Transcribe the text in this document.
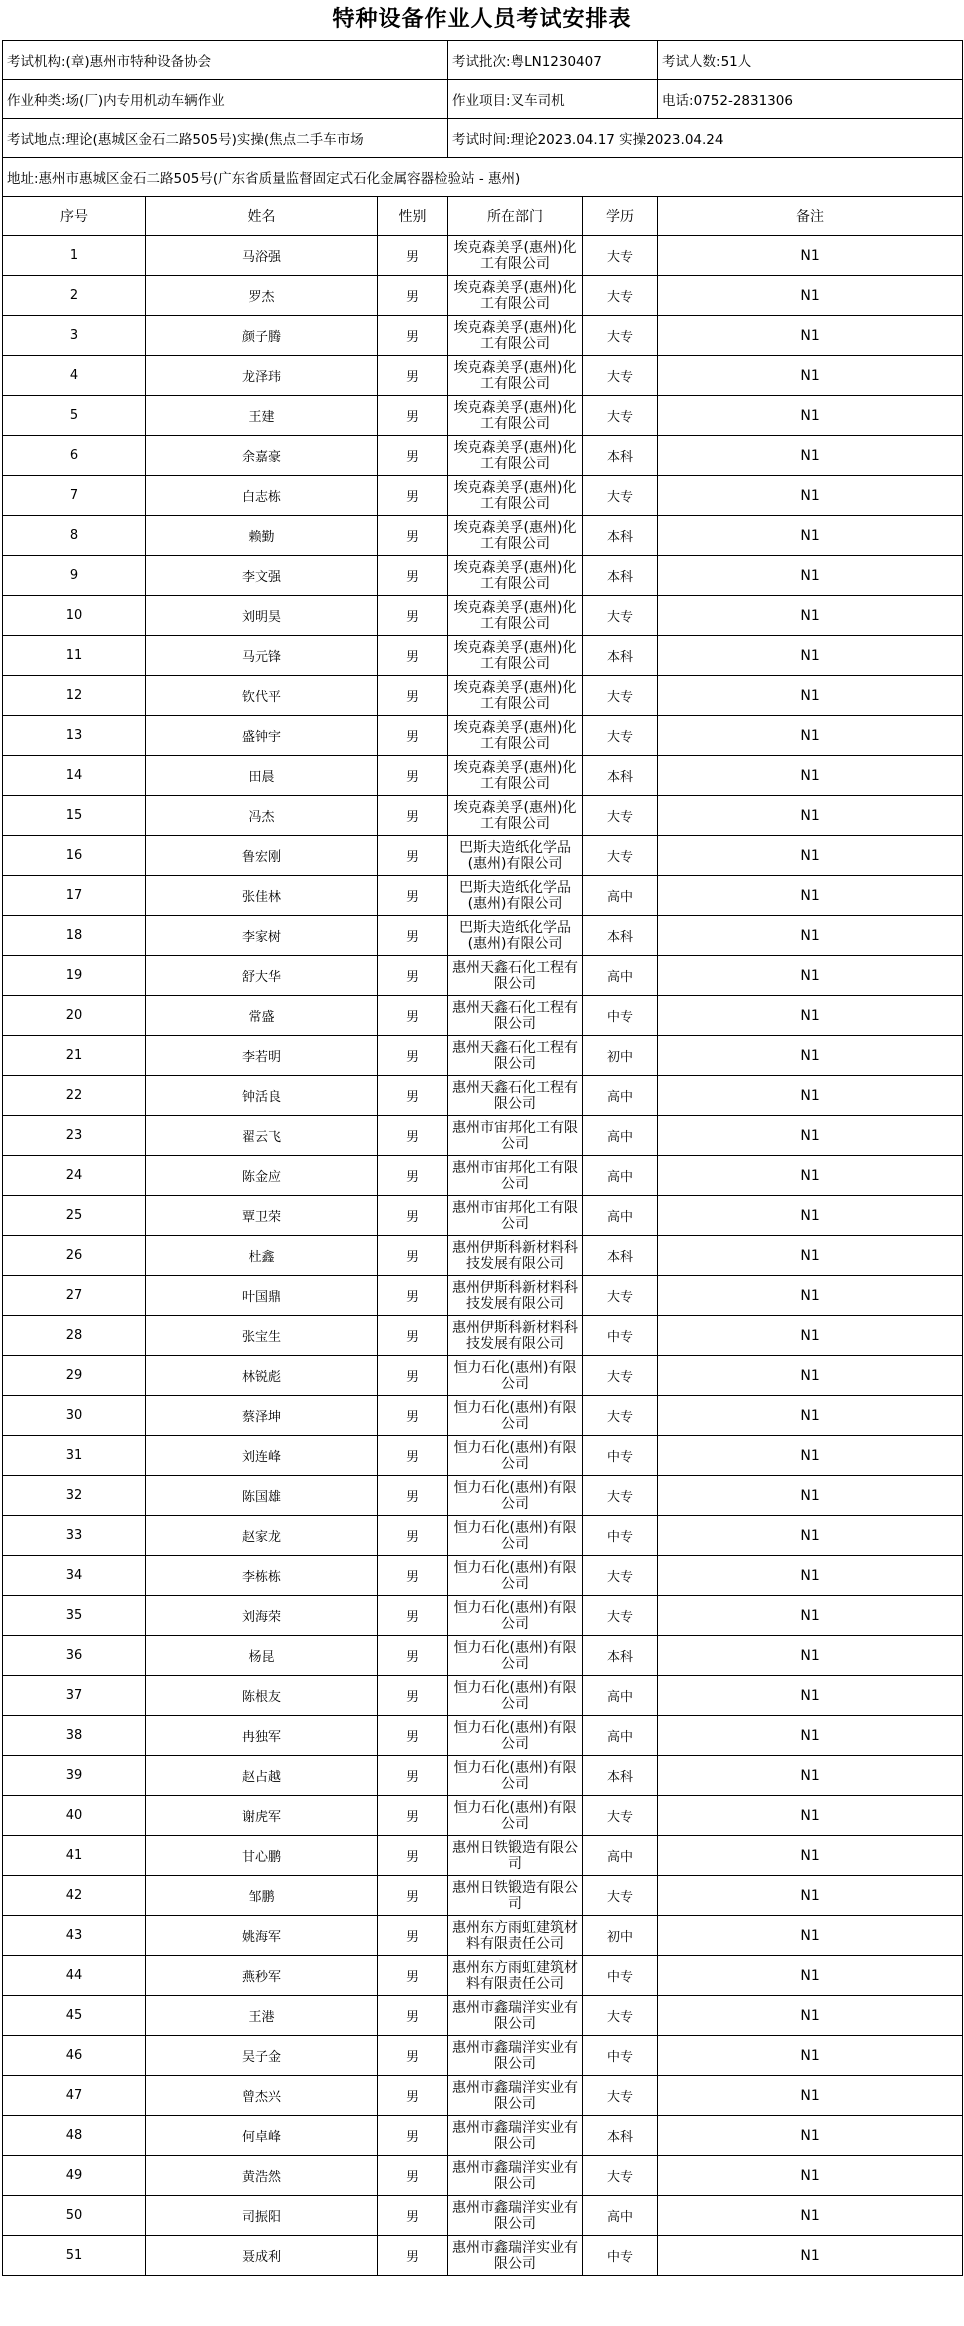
特种设备作业人员考试安排表
考试机构:(章)惠州市特种设备协会			考试批次:粤LN1230407		考试人数:51人
作业种类:场(厂)内专用机动车辆作业			作业项目:叉车司机		电话:0752-2831306
考试地点:理论(惠城区金石二路505号)实操(焦点二手车市场			考试时间:理论2023.04.17 实操2023.04.24		
地址:惠州市惠城区金石二路505号(广东省质量监督固定式石化金属容器检验站 - 惠州)					
序号	姓名	性别	所在部门	学历	备注
1	马浴强	男	埃克森美孚(惠州)化工有限公司	大专	N1
2	罗杰	男	埃克森美孚(惠州)化工有限公司	大专	N1
3	颜子腾	男	埃克森美孚(惠州)化工有限公司	大专	N1
4	龙泽玮	男	埃克森美孚(惠州)化工有限公司	大专	N1
5	王建	男	埃克森美孚(惠州)化工有限公司	大专	N1
6	余嘉豪	男	埃克森美孚(惠州)化工有限公司	本科	N1
7	白志栋	男	埃克森美孚(惠州)化工有限公司	大专	N1
8	赖勤	男	埃克森美孚(惠州)化工有限公司	本科	N1
9	李文强	男	埃克森美孚(惠州)化工有限公司	本科	N1
10	刘明昊	男	埃克森美孚(惠州)化工有限公司	大专	N1
11	马元锋	男	埃克森美孚(惠州)化工有限公司	本科	N1
12	钦代平	男	埃克森美孚(惠州)化工有限公司	大专	N1
13	盛钟宇	男	埃克森美孚(惠州)化工有限公司	大专	N1
14	田晨	男	埃克森美孚(惠州)化工有限公司	本科	N1
15	冯杰	男	埃克森美孚(惠州)化工有限公司	大专	N1
16	鲁宏刚	男	巴斯夫造纸化学品(惠州)有限公司	大专	N1
17	张佳林	男	巴斯夫造纸化学品(惠州)有限公司	高中	N1
18	李家树	男	巴斯夫造纸化学品(惠州)有限公司	本科	N1
19	舒大华	男	惠州天鑫石化工程有限公司	高中	N1
20	常盛	男	惠州天鑫石化工程有限公司	中专	N1
21	李若明	男	惠州天鑫石化工程有限公司	初中	N1
22	钟活良	男	惠州天鑫石化工程有限公司	高中	N1
23	翟云飞	男	惠州市宙邦化工有限公司	高中	N1
24	陈金应	男	惠州市宙邦化工有限公司	高中	N1
25	覃卫荣	男	惠州市宙邦化工有限公司	高中	N1
26	杜鑫	男	惠州伊斯科新材料科技发展有限公司	本科	N1
27	叶国鼎	男	惠州伊斯科新材料科技发展有限公司	大专	N1
28	张宝生	男	惠州伊斯科新材料科技发展有限公司	中专	N1
29	林锐彪	男	恒力石化(惠州)有限公司	大专	N1
30	蔡泽坤	男	恒力石化(惠州)有限公司	大专	N1
31	刘连峰	男	恒力石化(惠州)有限公司	中专	N1
32	陈国雄	男	恒力石化(惠州)有限公司	大专	N1
33	赵家龙	男	恒力石化(惠州)有限公司	中专	N1
34	李栋栋	男	恒力石化(惠州)有限公司	大专	N1
35	刘海荣	男	恒力石化(惠州)有限公司	大专	N1
36	杨昆	男	恒力石化(惠州)有限公司	本科	N1
37	陈根友	男	恒力石化(惠州)有限公司	高中	N1
38	冉独军	男	恒力石化(惠州)有限公司	高中	N1
39	赵占越	男	恒力石化(惠州)有限公司	本科	N1
40	谢虎军	男	恒力石化(惠州)有限公司	大专	N1
41	甘心鹏	男	惠州日铁锻造有限公司	高中	N1
42	邹鹏	男	惠州日铁锻造有限公司	大专	N1
43	姚海军	男	惠州东方雨虹建筑材料有限责任公司	初中	N1
44	燕秒军	男	惠州东方雨虹建筑材料有限责任公司	中专	N1
45	王港	男	惠州市鑫瑞洋实业有限公司	大专	N1
46	吴子金	男	惠州市鑫瑞洋实业有限公司	中专	N1
47	曾杰兴	男	惠州市鑫瑞洋实业有限公司	大专	N1
48	何卓峰	男	惠州市鑫瑞洋实业有限公司	本科	N1
49	黄浩然	男	惠州市鑫瑞洋实业有限公司	大专	N1
50	司振阳	男	惠州市鑫瑞洋实业有限公司	高中	N1
51	聂成利	男	惠州市鑫瑞洋实业有限公司	中专	N1
